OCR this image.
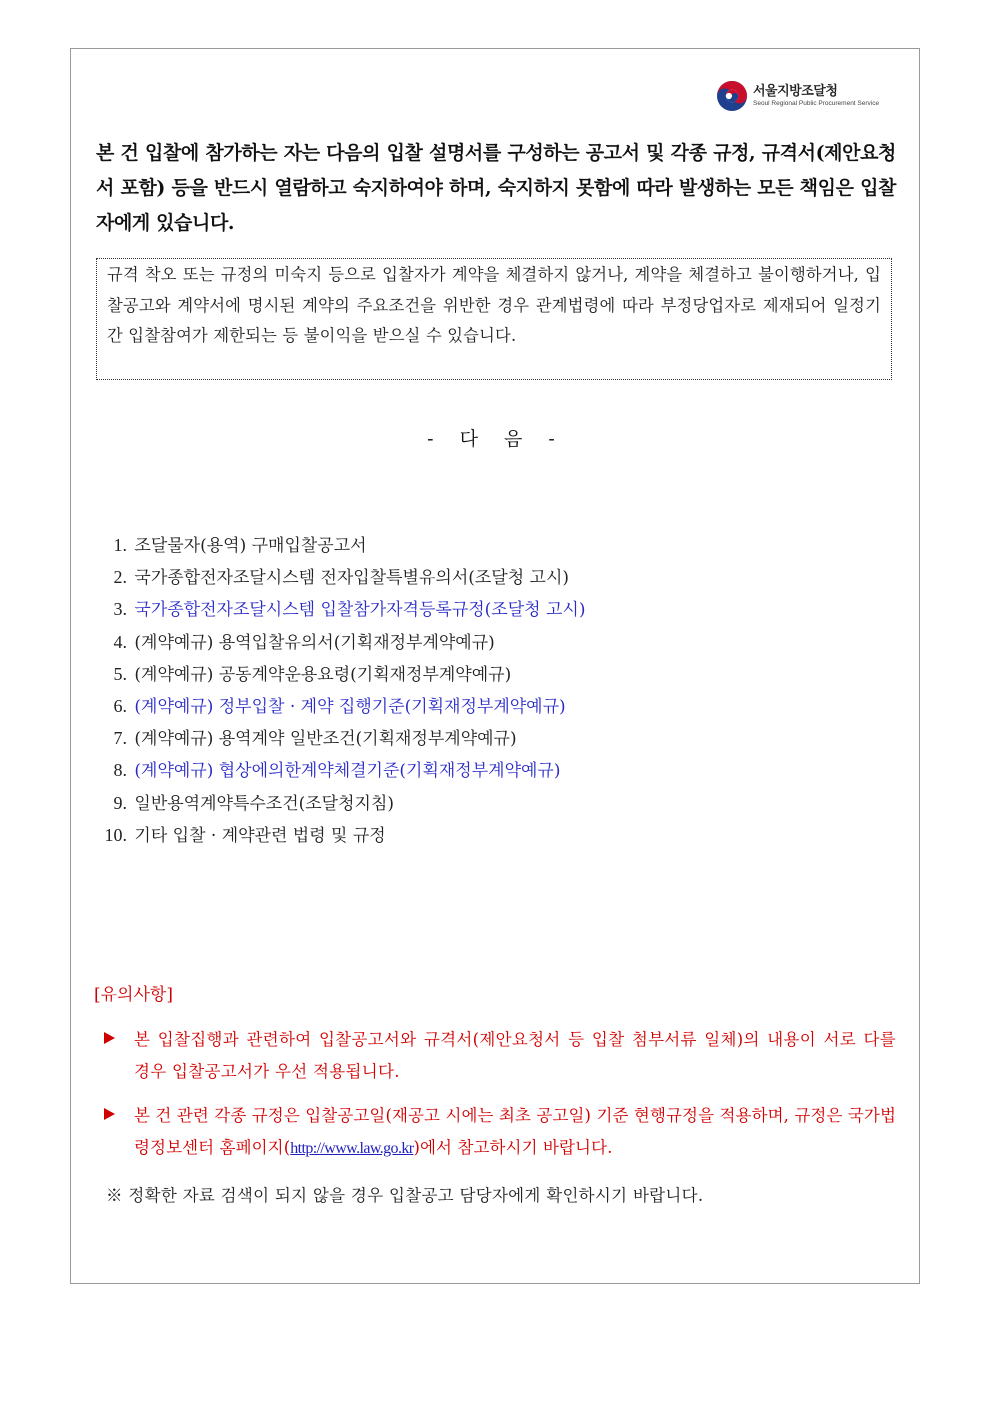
서울지방조달청
Seoul Regional Public Procurement Service

본 건 입찰에 참가하는 자는 다음의 입찰 설명서를 구성하는 공고서 및 각종 규정, 규격서(제안요청서 포함) 등을 반드시 열람하고 숙지하여야 하며, 숙지하지 못함에 따라 발생하는 모든 책임은 입찰자에게 있습니다.

규격 착오 또는 규정의 미숙지 등으로 입찰자가 계약을 체결하지 않거나, 계약을 체결하고 불이행하거나, 입찰공고와 계약서에 명시된 계약의 주요조건을 위반한 경우 관계법령에 따라 부정당업자로 제재되어 일정기간 입찰참여가 제한되는 등 불이익을 받으실 수 있습니다.

- 다 음 -
1. 조달물자(용역) 구매입찰공고서
2. 국가종합전자조달시스템 전자입찰특별유의서(조달청 고시)
3. 국가종합전자조달시스템 입찰참가자격등록규정(조달청 고시)
4. (계약예규) 용역입찰유의서(기획재정부계약예규)
5. (계약예규) 공동계약운용요령(기획재정부계약예규)
6. (계약예규) 정부입찰 · 계약 집행기준(기획재정부계약예규)
7. (계약예규) 용역계약 일반조건(기획재정부계약예규)
8. (계약예규) 협상에의한계약체결기준(기획재정부계약예규)
9. 일반용역계약특수조건(조달청지침)
10. 기타 입찰 · 계약관련 법령 및 규정
[유의사항]

본 입찰집행과 관련하여 입찰공고서와 규격서(제안요청서 등 입찰 첨부서류 일체)의 내용이 서로 다를 경우 입찰공고서가 우선 적용됩니다.

본 건 관련 각종 규정은 입찰공고일(재공고 시에는 최초 공고일) 기준 현행규정을 적용하며, 규정은 국가법령정보센터 홈페이지(http://www.law.go.kr)에서 참고하시기 바랍니다.

※ 정확한 자료 검색이 되지 않을 경우 입찰공고 담당자에게 확인하시기 바랍니다.
